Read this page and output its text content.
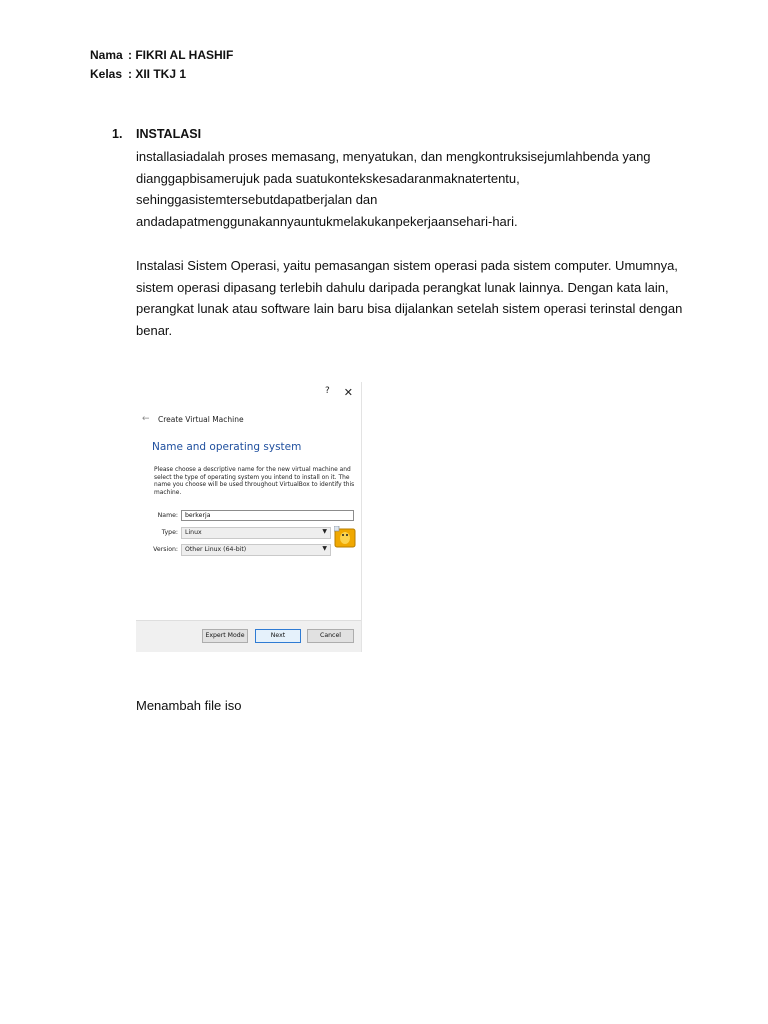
Nama : FIKRI AL HASHIF
Kelas : XII TKJ 1
1. INSTALASI

installasiadalah proses memasang, menyatukan, dan mengkontruksisejumlahbenda yang dianggapbisamerujuk pada suatukontekskesadaranmaknatertentu, sehinggasistemtersebutdapatberjalan dan andadapatmenggunakannyauntukmelakukanpekerjaansehari-hari.

Instalasi Sistem Operasi, yaitu pemasangan sistem operasi pada sistem computer. Umumnya, sistem operasi dipasang terlebih dahulu daripada perangkat lunak lainnya. Dengan kata lain, perangkat lunak atau software lain baru bisa dijalankan setelah sistem operasi terinstal dengan benar.

? ✕
← Create Virtual Machine
Name and operating system

Please choose a descriptive name for the new virtual machine and select the type of operating system you intend to install on it. The name you choose will be used throughout VirtualBox to identify this machine.

Name:	berkerja
Type:	Linux	▼
Version:	Other Linux (64-bit)	▼
Expert Mode	Next	Cancel
Menambah file iso
